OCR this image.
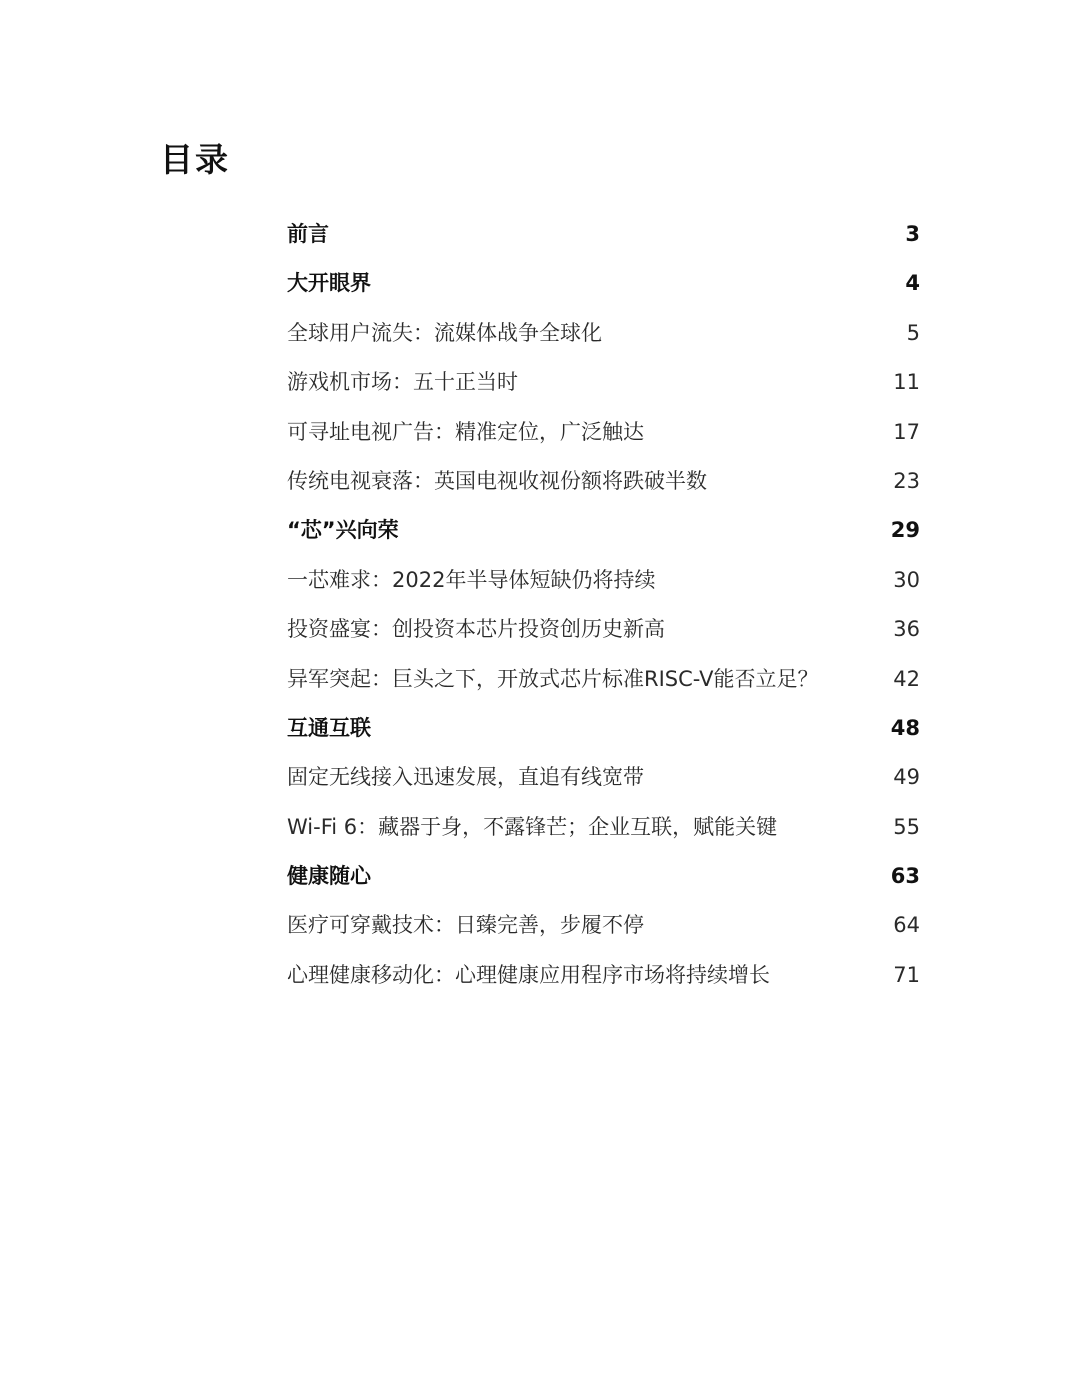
目录
前言	3
大开眼界	4
全球用户流失：流媒体战争全球化	5
游戏机市场：五十正当时	11
可寻址电视广告：精准定位，广泛触达	17
传统电视衰落：英国电视收视份额将跌破半数	23
“芯”兴向荣	29
一芯难求：2022年半导体短缺仍将持续	30
投资盛宴：创投资本芯片投资创历史新高	36
异军突起：巨头之下，开放式芯片标准RISC-V能否立足？	42
互通互联	48
固定无线接入迅速发展，直追有线宽带	49
Wi-Fi 6：藏器于身，不露锋芒；企业互联，赋能关键	55
健康随心	63
医疗可穿戴技术：日臻完善，步履不停	64
心理健康移动化：心理健康应用程序市场将持续增长	71
